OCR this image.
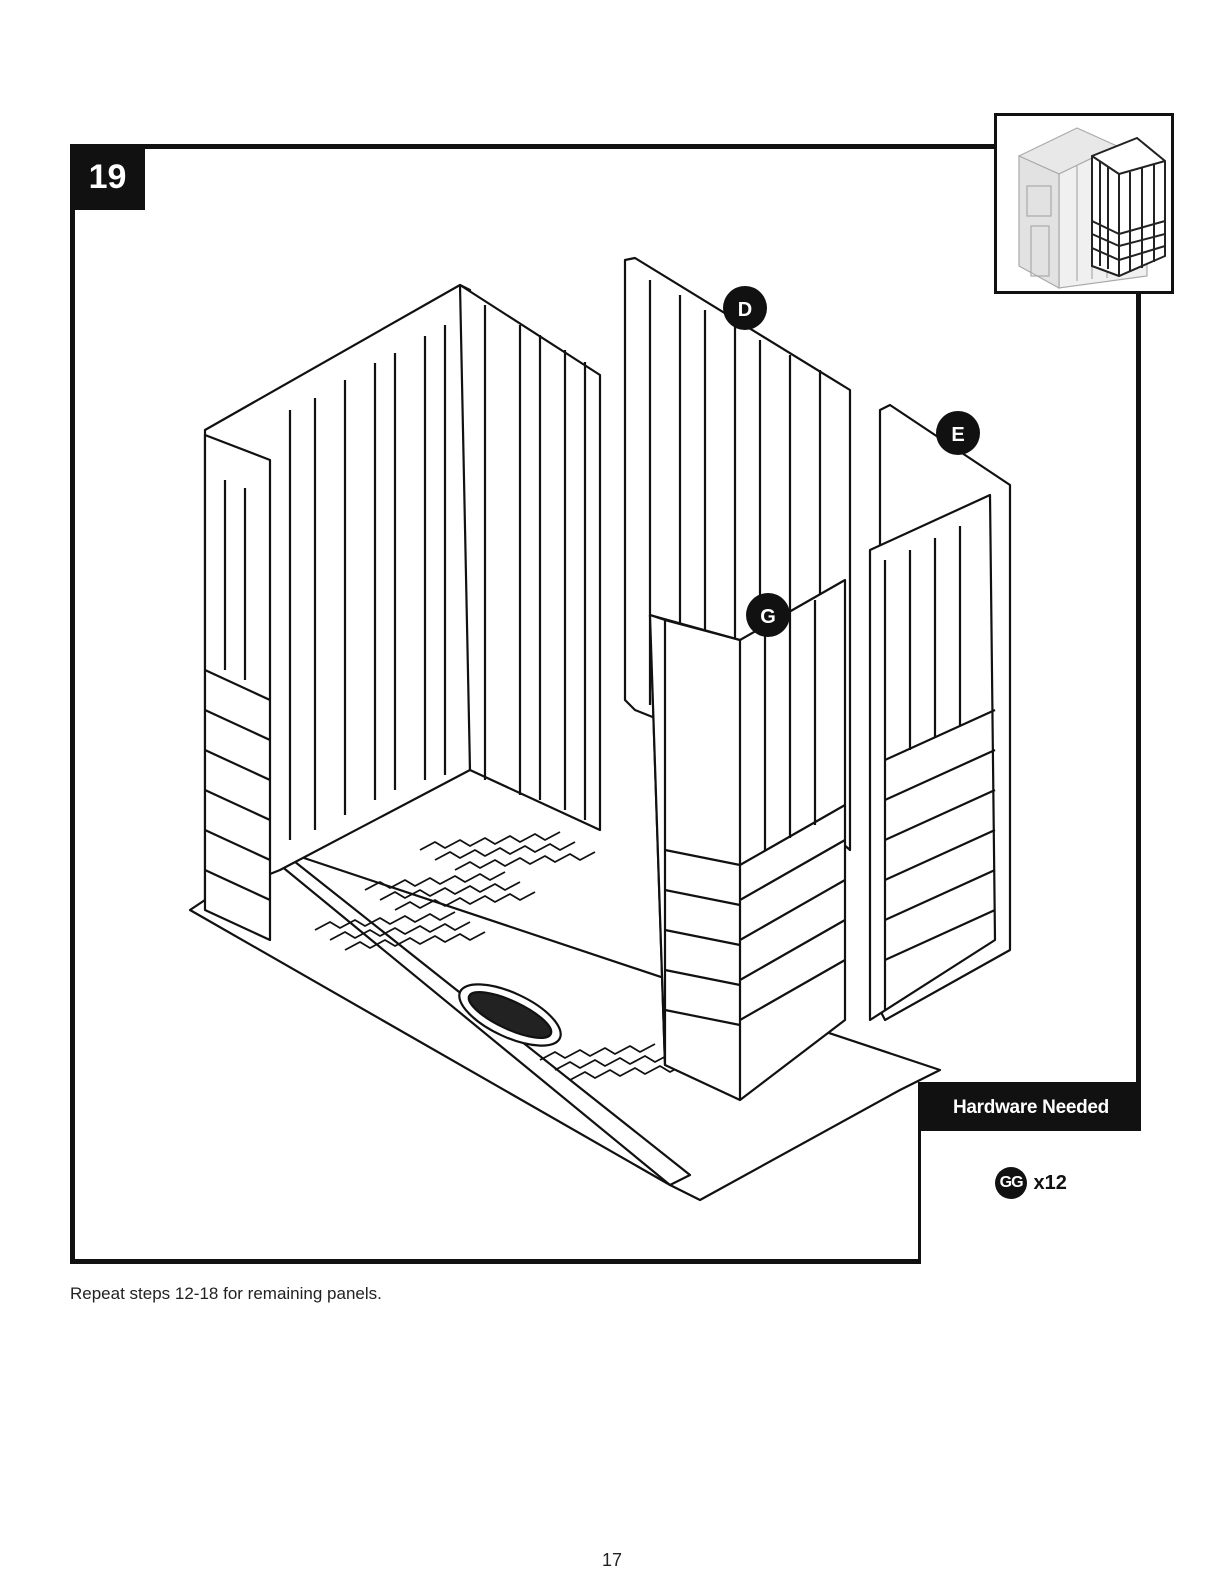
19
D
E
G
Hardware Needed
GG x12
Repeat steps 12-18 for remaining panels.
17
